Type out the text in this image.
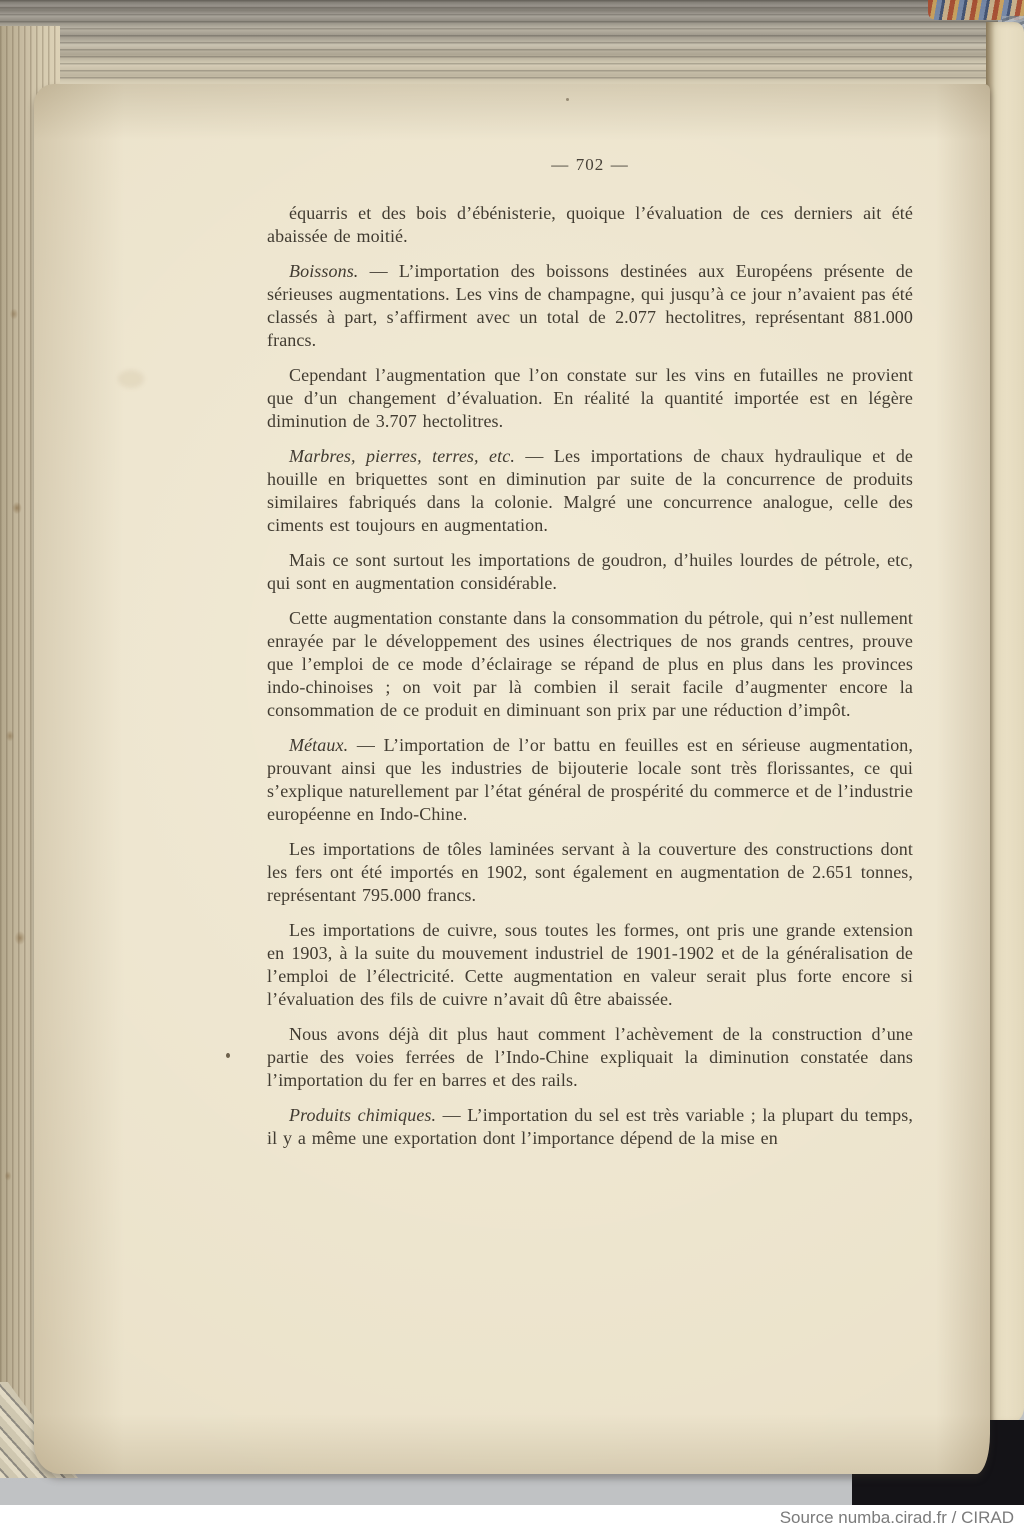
— 702 —

équarris et des bois d’ébénisterie, quoique l’évaluation de ces derniers ait été abaissée de moitié.

Boissons. — L’importation des boissons destinées aux Européens présente de sérieuses augmentations. Les vins de champagne, qui jusqu’à ce jour n’avaient pas été classés à part, s’affirment avec un total de 2.077 hectolitres, représentant 881.000 francs.

Cependant l’augmentation que l’on constate sur les vins en futailles ne provient que d’un changement d’évaluation. En réalité la quantité importée est en légère diminution de 3.707 hectolitres.

Marbres, pierres, terres, etc. — Les importations de chaux hydraulique et de houille en briquettes sont en diminution par suite de la concurrence de produits similaires fabriqués dans la colonie. Malgré une concurrence analogue, celle des ciments est toujours en augmentation.

Mais ce sont surtout les importations de goudron, d’huiles lourdes de pétrole, etc, qui sont en augmentation considérable.

Cette augmentation constante dans la consommation du pétrole, qui n’est nullement enrayée par le développement des usines électriques de nos grands centres, prouve que l’emploi de ce mode d’éclairage se répand de plus en plus dans les provinces indo-chinoises ; on voit par là combien il serait facile d’augmenter encore la consommation de ce produit en diminuant son prix par une réduction d’impôt.

Métaux. — L’importation de l’or battu en feuilles est en sérieuse augmentation, prouvant ainsi que les industries de bijouterie locale sont très florissantes, ce qui s’explique naturellement par l’état général de prospérité du commerce et de l’industrie européenne en Indo-Chine.

Les importations de tôles laminées servant à la couverture des constructions dont les fers ont été importés en 1902, sont également en augmentation de 2.651 tonnes, représentant 795.000 francs.

Les importations de cuivre, sous toutes les formes, ont pris une grande extension en 1903, à la suite du mouvement industriel de 1901-1902 et de la généralisation de l’emploi de l’électricité. Cette augmentation en valeur serait plus forte encore si l’évaluation des fils de cuivre n’avait dû être abaissée.

Nous avons déjà dit plus haut comment l’achèvement de la construction d’une partie des voies ferrées de l’Indo-Chine expliquait la diminution constatée dans l’importation du fer en barres et des rails.

Produits chimiques. — L’importation du sel est très variable ; la plupart du temps, il y a même une exportation dont l’importance dépend de la mise en

Source numba.cirad.fr / CIRAD
